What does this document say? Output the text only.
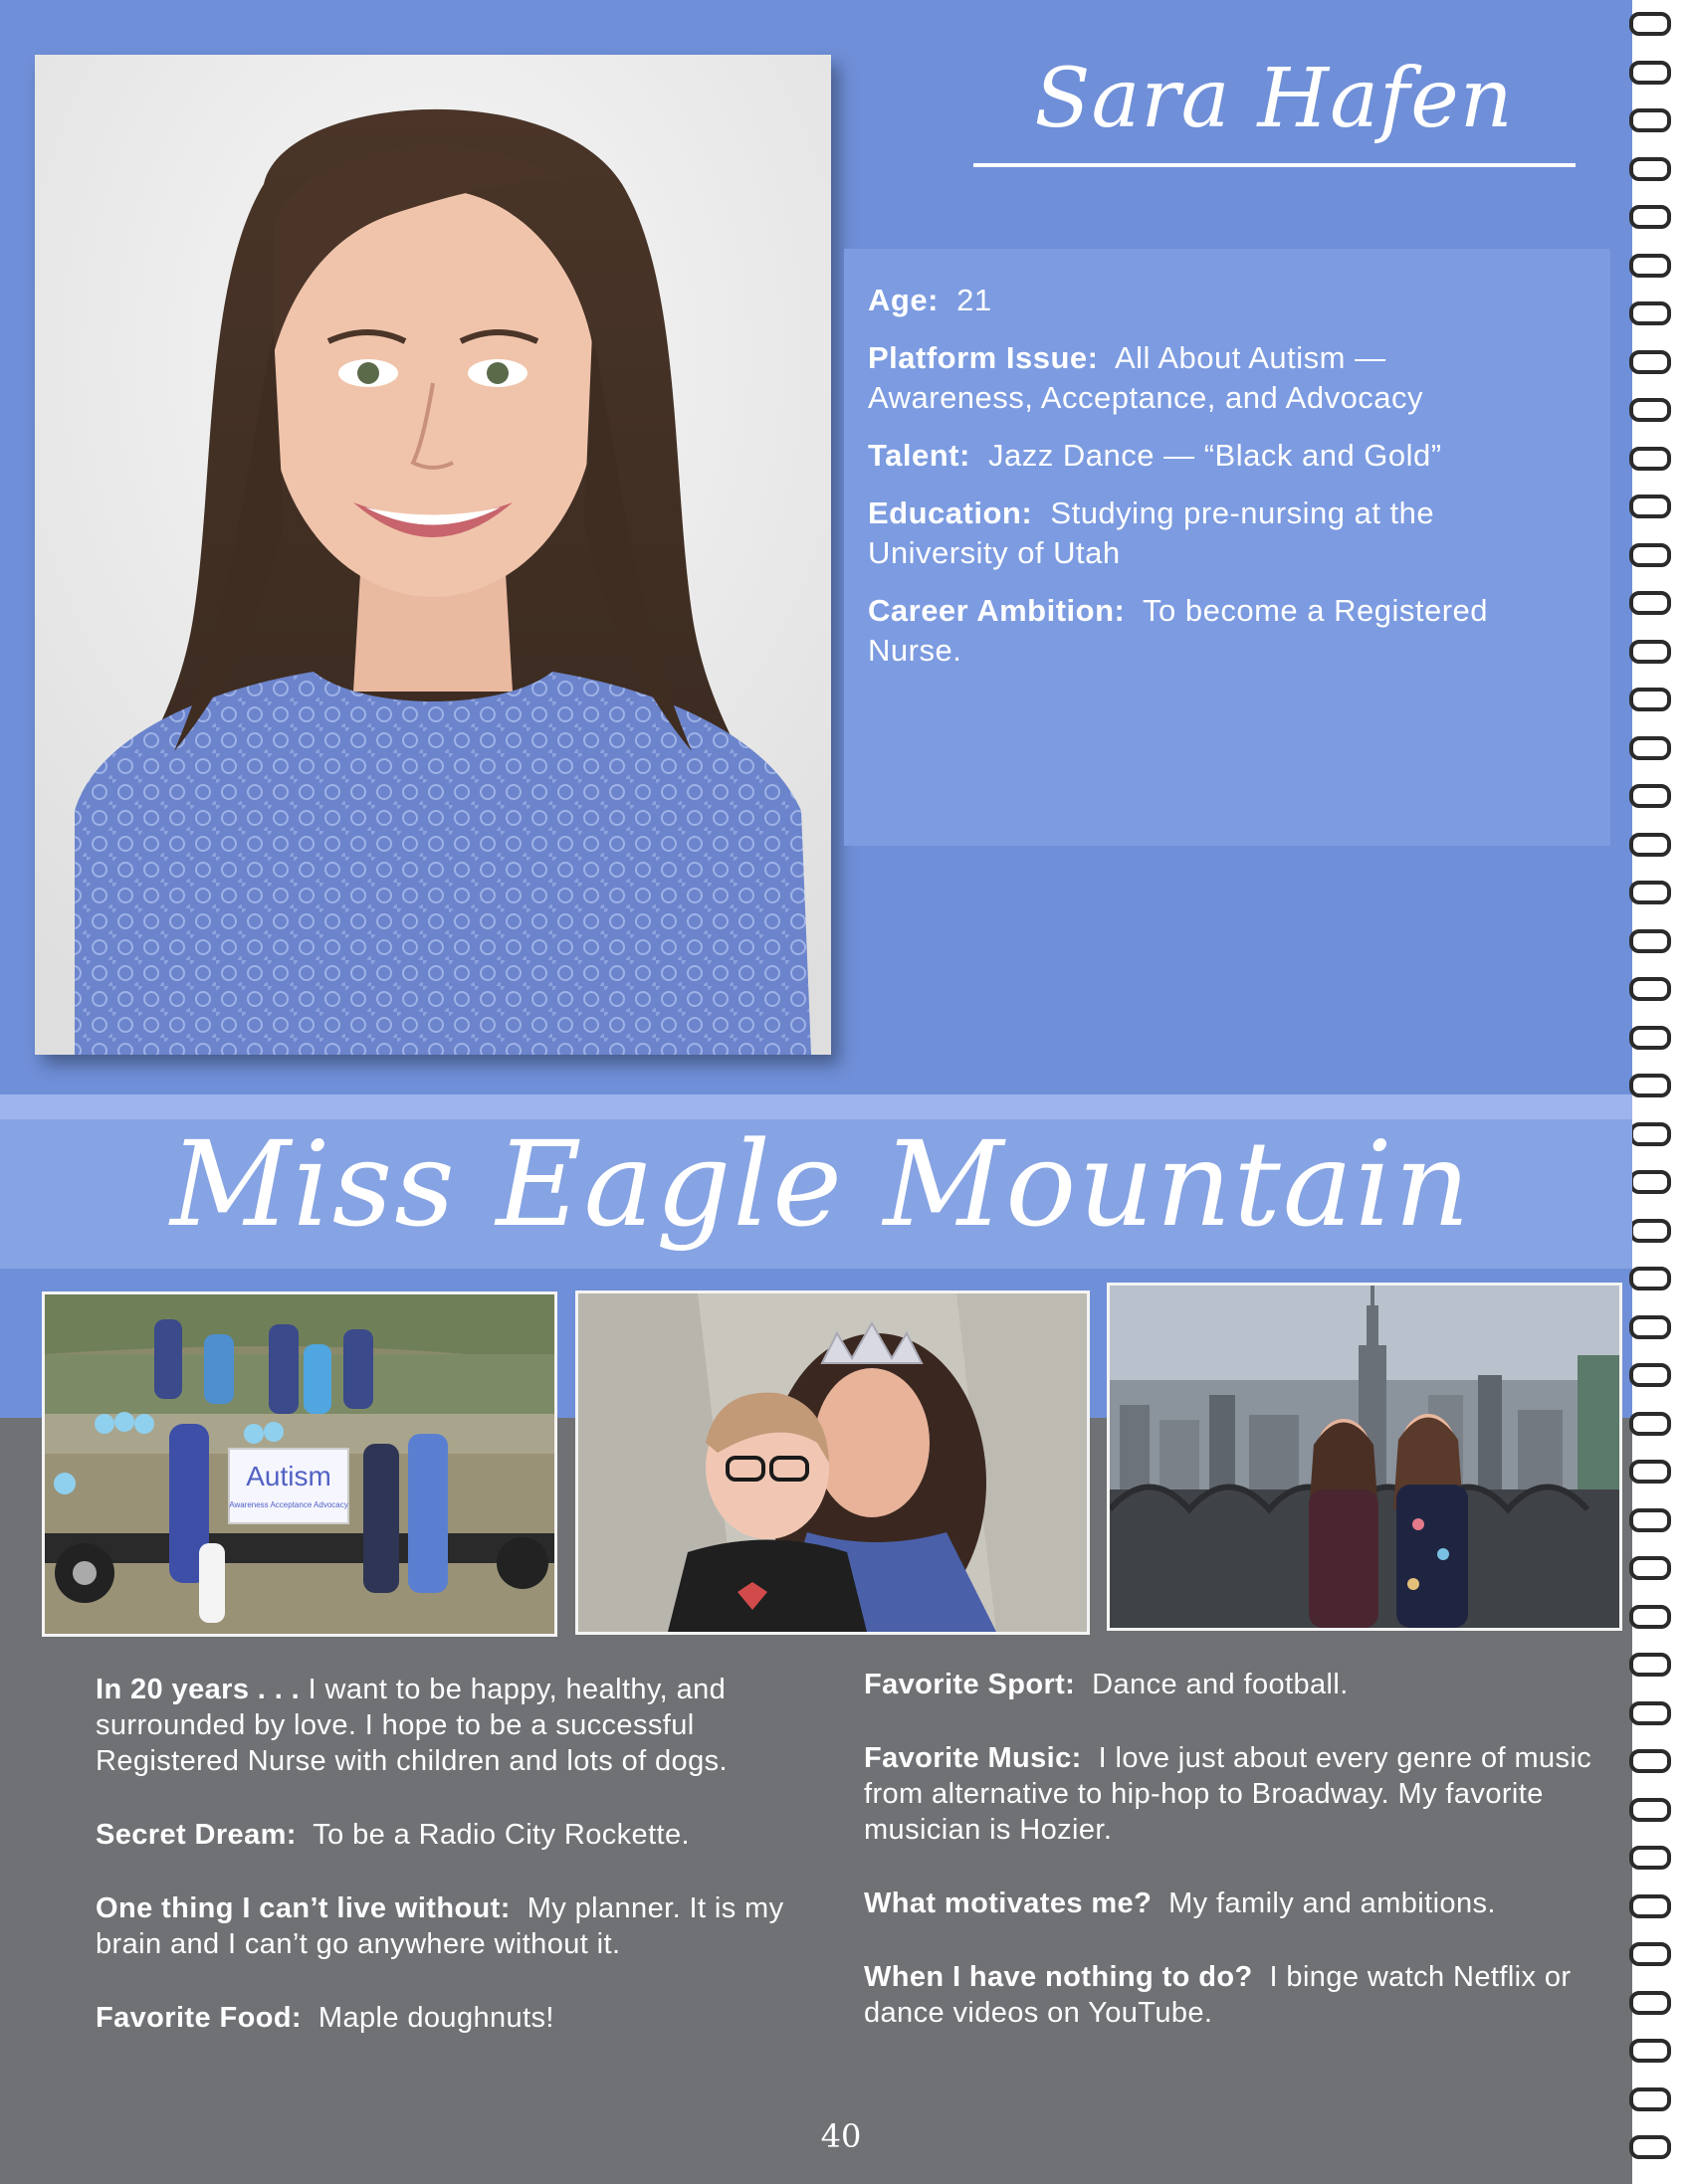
Sara Hafen

Age: 21

Platform Issue: All About Autism — Awareness, Acceptance, and Advocacy

Talent: Jazz Dance — “Black and Gold”

Education: Studying pre-nursing at the University of Utah

Career Ambition: To become a Registered Nurse.

Miss Eagle Mountain
Autism
Awareness Acceptance Advocacy

In 20 years . . . I want to be happy, healthy, and surrounded by love. I hope to be a successful Registered Nurse with children and lots of dogs.

Secret Dream: To be a Radio City Rockette.

One thing I can’t live without: My planner. It is my brain and I can’t go anywhere without it.

Favorite Food: Maple doughnuts!

Favorite Sport: Dance and football.

Favorite Music: I love just about every genre of music from alternative to hip-hop to Broadway. My favorite musician is Hozier.

What motivates me? My family and ambitions.

When I have nothing to do? I binge watch Netflix or dance videos on YouTube.

40
